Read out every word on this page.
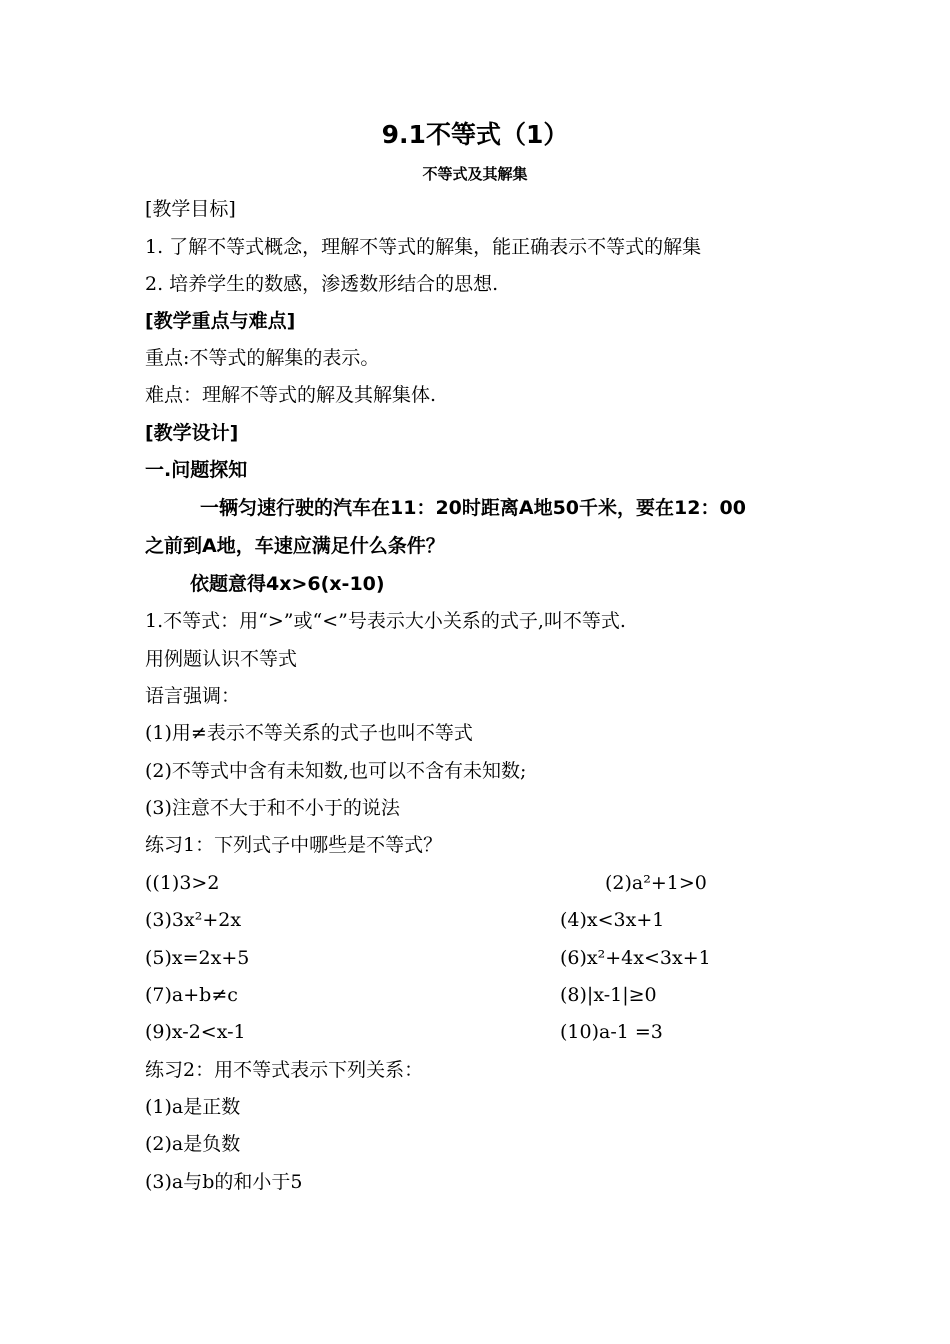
9.1不等式（1）
不等式及其解集
[教学目标]
1. 了解不等式概念，理解不等式的解集，能正确表示不等式的解集
2. 培养学生的数感，渗透数形结合的思想.
[教学重点与难点]
重点:不等式的解集的表示。
难点：理解不等式的解及其解集体.
[教学设计]
一.问题探知
一辆匀速行驶的汽车在11：20时距离A地50千米，要在12：00
之前到A地，车速应满足什么条件？
依题意得4x>6(x-10)
1.不等式：用“>”或“<”号表示大小关系的式子,叫不等式.
用例题认识不等式
语言强调：
(1)用≠表示不等关系的式子也叫不等式
(2)不等式中含有未知数,也可以不含有未知数;
(3)注意不大于和不小于的说法
练习1：下列式子中哪些是不等式？
((1)3>2	(2)a²+1>0
(3)3x²+2x	(4)x<3x+1
(5)x=2x+5	(6)x²+4x<3x+1
(7)a+b≠c	(8)|x-1|≥0
(9)x-2<x-1	(10)a-1 =3
练习2：用不等式表示下列关系：
(1)a是正数
(2)a是负数
(3)a与b的和小于5
